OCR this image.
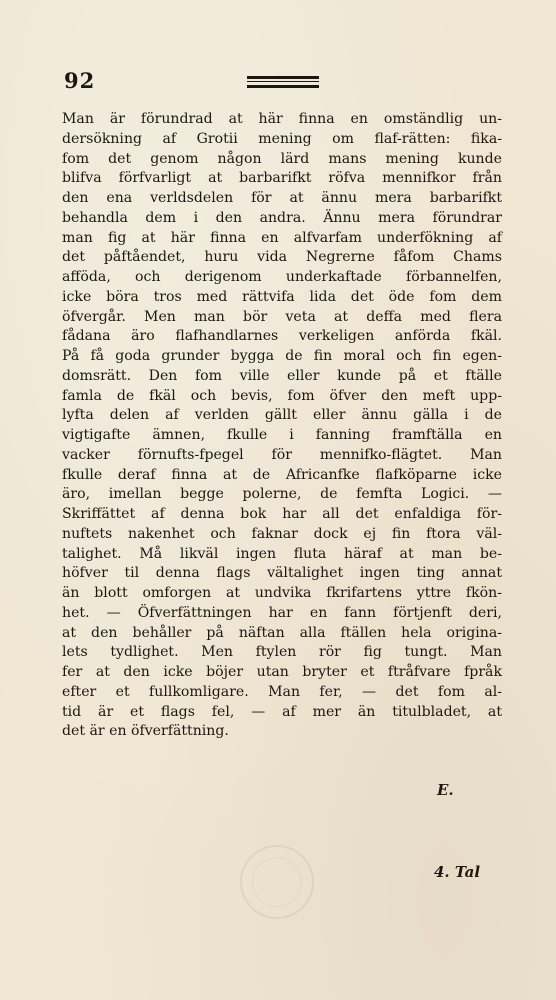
92
Man är förundrad at här finna en omständlig un-
dersökning af Grotii mening om flaf-rätten: fika-
fom det genom någon lärd mans mening kunde
blifva förfvarligt at barbarifkt röfva mennifkor från
den ena verldsdelen för at ännu mera barbarifkt
behandla dem i den andra. Ännu mera förundrar
man fig at här finna en alfvarfam underfökning af
det påftåendet, huru vida Negrerne fåfom Chams
afföda, och derigenom underkaftade förbannelfen,
icke böra tros med rättvifa lida det öde fom dem
öfvergår. Men man bör veta at deffa med flera
fådana äro flafhandlarnes verkeligen anförda fkäl.
På få goda grunder bygga de fin moral och fin egen-
domsrätt. Den fom ville eller kunde på et ftälle
famla de fkäl och bevis, fom öfver den meft upp-
lyfta delen af verlden gällt eller ännu gälla i de
vigtigafte ämnen, fkulle i fanning framftälla en
vacker förnufts-fpegel för mennifko-flägtet. Man
fkulle deraf finna at de Africanfke flafköparne icke
äro, imellan begge polerne, de femfta Logici. —
Skriffättet af denna bok har all det enfaldiga för-
nuftets nakenhet och faknar dock ej fin ftora väl-
talighet. Må likväl ingen fluta häraf at man be-
höfver til denna flags vältalighet ingen ting annat
än blott omforgen at undvika fkrifartens yttre fkön-
het. — Öfverfättningen har en fann förtjenft deri,
at den behåller på näftan alla ftällen hela origina-
lets tydlighet. Men ftylen rör fig tungt. Man
fer at den icke böjer utan bryter et ftråfvare fpråk
efter et fullkomligare. Man fer, — det fom al-
tid är et flags fel, — af mer än titulbladet, at
det är en öfverfättning.
E.
4. Tal
